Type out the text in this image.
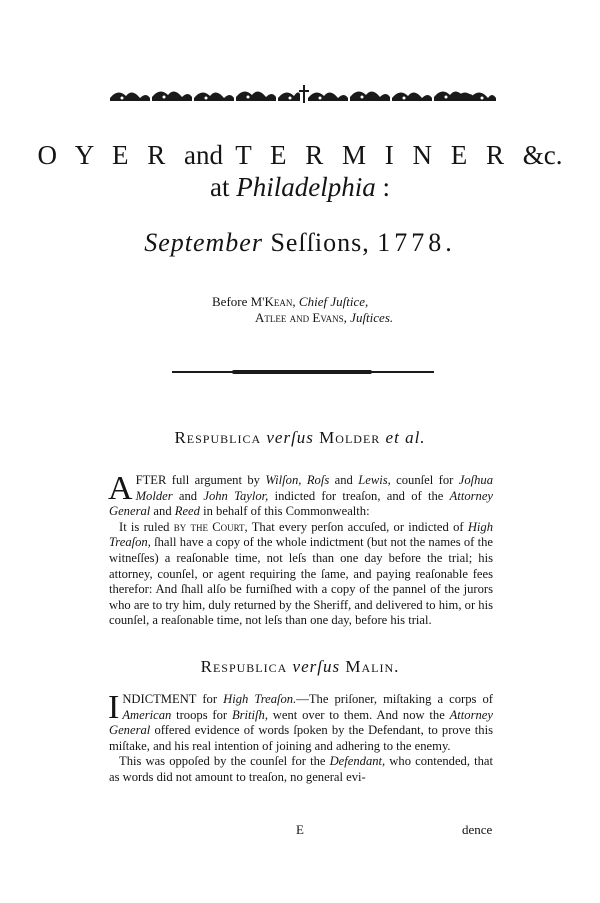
O Y E R and T E R M I N E R &c.
at Philadelphia :
September Seſſions, 1778.
Before M'Kean, Chief Juſtice,
Atlee and Evans, Juſtices.
Respublica verſus Molder et al.

AFTER full argument by Wilſon, Roſs and Lewis, counſel for Joſhua Molder and John Taylor, indicted for treaſon, and of the Attorney General and Reed in behalf of this Commonwealth:

It is ruled by the Court, That every perſon accuſed, or indicted of High Treaſon, ſhall have a copy of the whole indictment (but not the names of the witneſſes) a reaſonable time, not leſs than one day before the trial; his attorney, counſel, or agent requiring the ſame, and paying reaſonable fees therefor: And ſhall alſo be furniſhed with a copy of the pannel of the jurors who are to try him, duly returned by the Sheriff, and delivered to him, or his counſel, a reaſonable time, not leſs than one day, before his trial.

Respublica verſus Malin.

INDICTMENT for High Treaſon.—The priſoner, miſtaking a corps of American troops for Britiſh, went over to them. And now the Attorney General offered evidence of words ſpoken by the Defendant, to prove this miſtake, and his real intention of joining and adhering to the enemy.

This was oppoſed by the counſel for the Defendant, who contended, that as words did not amount to treaſon, no general evi-

E	dence
